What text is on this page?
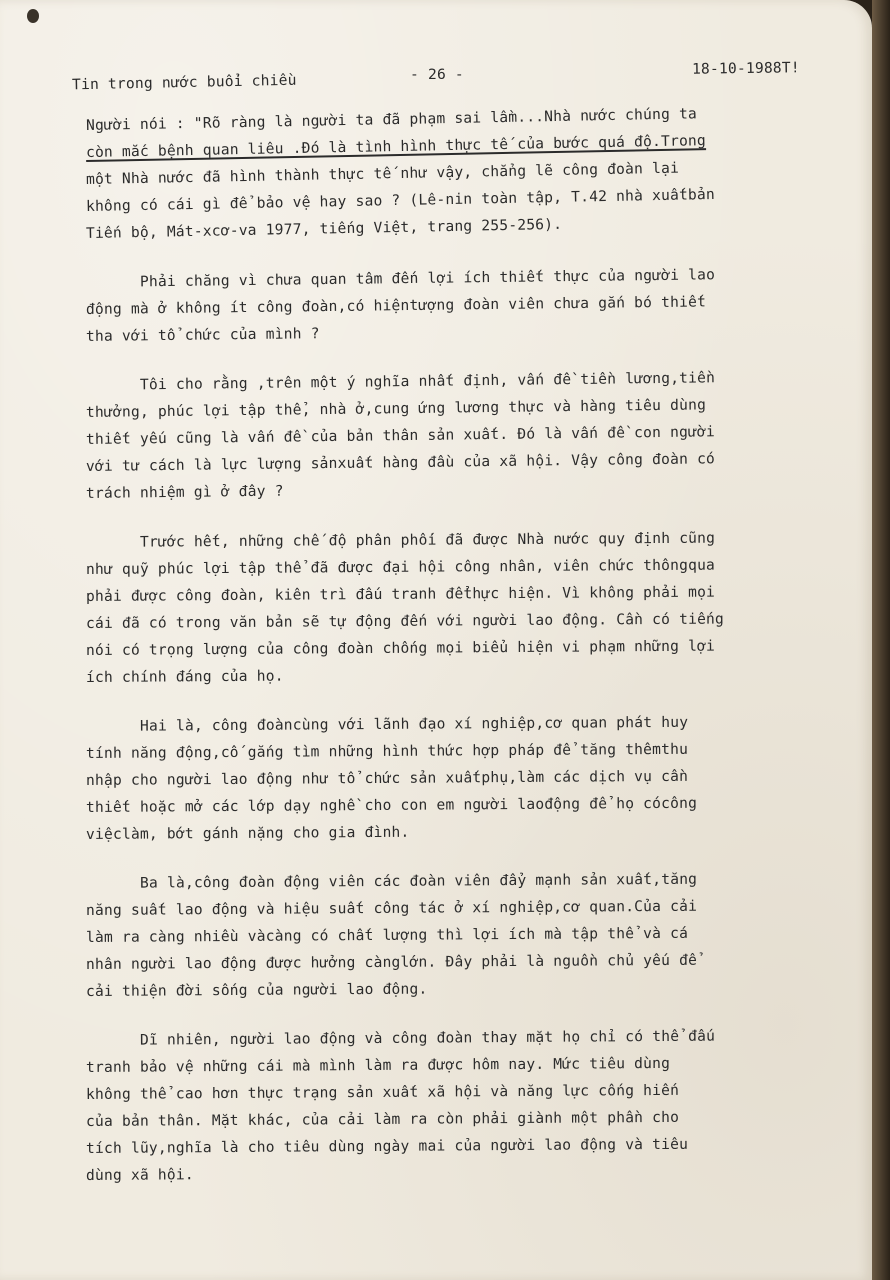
Tin trong nước buổi chiều	- 26 -	18-10-1988T!
Người nói : "Rõ ràng là người ta đã phạm sai lầm...Nhà nước chúng ta
còn mắc bệnh quan liêu .Đó là tình hình thực tế của bước quá độ.Trong
một Nhà nước đã hình thành thực tế như vậy, chẳng lẽ công đoàn lại
không có cái gì để bảo vệ hay sao ? (Lê-nin toàn tập, T.42 nhà xuấtbản
Tiến bộ, Mát-xcơ-va 1977, tiếng Việt, trang 255-256).
Phải chăng vì chưa quan tâm đến lợi ích thiết thực của người lao
động mà ở không ít công đoàn,có hiệntượng đoàn viên chưa gắn bó thiết
tha với tổ chức của mình ?
Tôi cho rằng ,trên một ý nghĩa nhất định, vấn đề tiền lương,tiền
thưởng, phúc lợi tập thể, nhà ở,cung ứng lương thực và hàng tiêu dùng
thiết yếu cũng là vấn đề của bản thân sản xuất. Đó là vấn đề con người
với tư cách là lực lượng sảnxuất hàng đầu của xã hội. Vậy công đoàn có
trách nhiệm gì ở đây ?
Trước hết, những chế độ phân phối đã được Nhà nước quy định cũng
như quỹ phúc lợi tập thể đã được đại hội công nhân, viên chức thôngqua
phải được công đoàn, kiên trì đấu tranh đểthực hiện. Vì không phải mọi
cái đã có trong văn bản sẽ tự động đến với người lao động. Cần có tiếng
nói có trọng lượng của công đoàn chống mọi biểu hiện vi phạm những lợi
ích chính đáng của họ.
Hai là, công đoàncùng với lãnh đạo xí nghiệp,cơ quan phát huy
tính năng động,cố gắng tìm những hình thức hợp pháp để tăng thêmthu
nhập cho người lao động như tổ chức sản xuấtphụ,làm các dịch vụ cần
thiết hoặc mở các lớp dạy nghề cho con em người laođộng để họ cócông
việclàm, bớt gánh nặng cho gia đình.
Ba là,công đoàn động viên các đoàn viên đẩy mạnh sản xuất,tăng
năng suất lao động và hiệu suất công tác ở xí nghiệp,cơ quan.Của cải
làm ra càng nhiều vàcàng có chất lượng thì lợi ích mà tập thể và cá
nhân người lao động được hưởng cànglớn. Đây phải là nguồn chủ yếu để
cải thiện đời sống của người lao động.
Dĩ nhiên, người lao động và công đoàn thay mặt họ chỉ có thể đấu
tranh bảo vệ những cái mà mình làm ra được hôm nay. Mức tiêu dùng
không thể cao hơn thực trạng sản xuất xã hội và năng lực cống hiến
của bản thân. Mặt khác, của cải làm ra còn phải giành một phần cho
tích lũy,nghĩa là cho tiêu dùng ngày mai của người lao động và tiêu
dùng xã hội.
